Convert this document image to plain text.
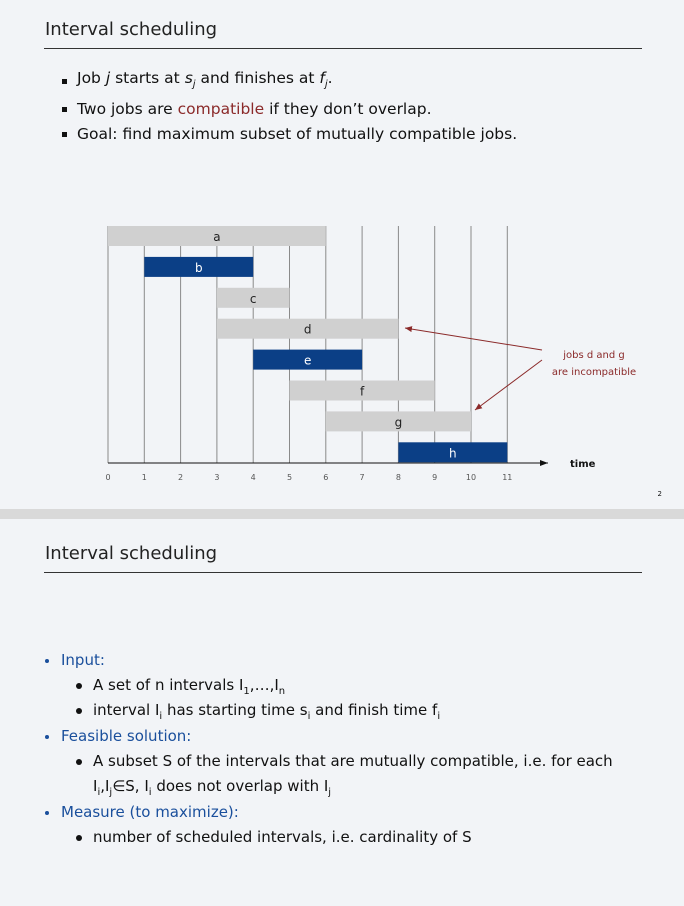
Interval scheduling
Job j starts at $s_j$ and finishes at $f_j$.
Two jobs are compatible if they don’t overlap.
Goal: find maximum subset of mutually compatible jobs.
a
b
c
d
e
f
g
h
0	1	2	3	4	5	6	7	8	9	10	11
time
jobs d and g
are incompatible
2
Interval scheduling
Input:
A set of n intervals $I_1,\dots,I_n$
interval $I_i$ has starting time $s_i$ and finish time $f_i$
Feasible solution:
A subset S of the intervals that are mutually compatible, i.e. for each
$I_i,I_j\in S$, $I_i$ does not overlap with $I_j$
Measure (to maximize):
number of scheduled intervals, i.e. cardinality of S
